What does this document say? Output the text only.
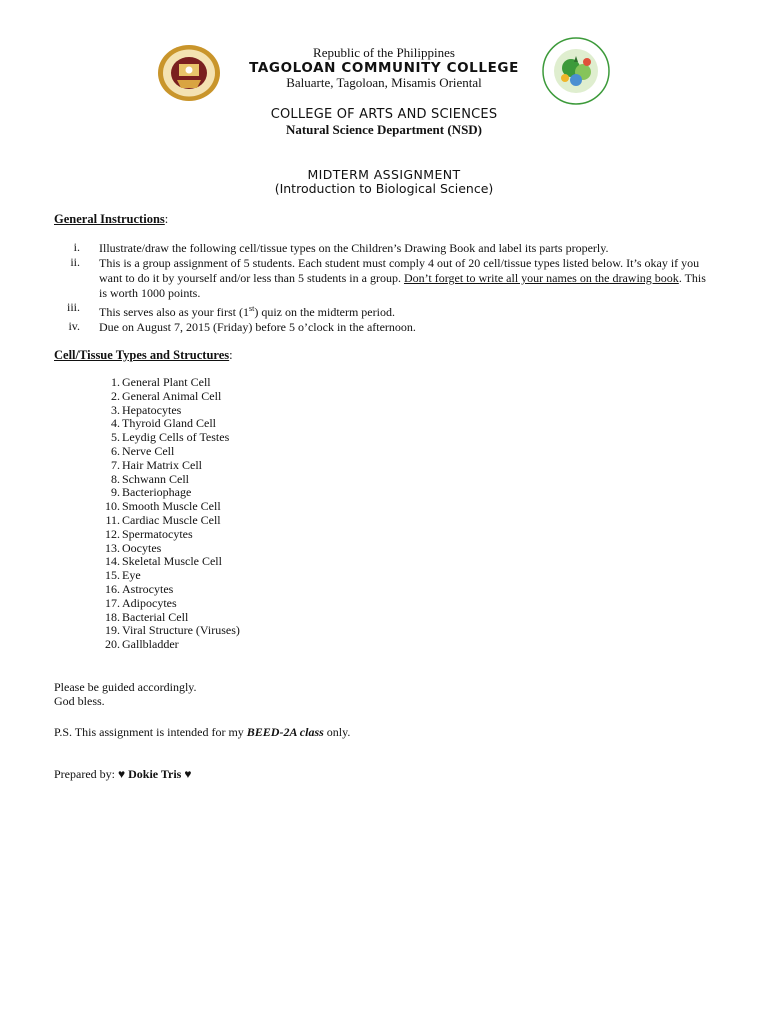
Republic of the Philippines
TAGOLOAN COMMUNITY COLLEGE
Baluarte, Tagoloan, Misamis Oriental
COLLEGE OF ARTS AND SCIENCES
Natural Science Department (NSD)
MIDTERM ASSIGNMENT
(Introduction to Biological Science)
General Instructions:
i. Illustrate/draw the following cell/tissue types on the Children’s Drawing Book and label its parts properly.
ii. This is a group assignment of 5 students. Each student must comply 4 out of 20 cell/tissue types listed below. It’s okay if you want to do it by yourself and/or less than 5 students in a group. Don’t forget to write all your names on the drawing book. This is worth 1000 points.
iii. This serves also as your first (1st) quiz on the midterm period.
iv. Due on August 7, 2015 (Friday) before 5 o’clock in the afternoon.
Cell/Tissue Types and Structures:
1. General Plant Cell
2. General Animal Cell
3. Hepatocytes
4. Thyroid Gland Cell
5. Leydig Cells of Testes
6. Nerve Cell
7. Hair Matrix Cell
8. Schwann Cell
9. Bacteriophage
10. Smooth Muscle Cell
11. Cardiac Muscle Cell
12. Spermatocytes
13. Oocytes
14. Skeletal Muscle Cell
15. Eye
16. Astrocytes
17. Adipocytes
18. Bacterial Cell
19. Viral Structure (Viruses)
20. Gallbladder
Please be guided accordingly.
God bless.
P.S. This assignment is intended for my BEED-2A class only.
Prepared by: ♥ Dokie Tris ♥
